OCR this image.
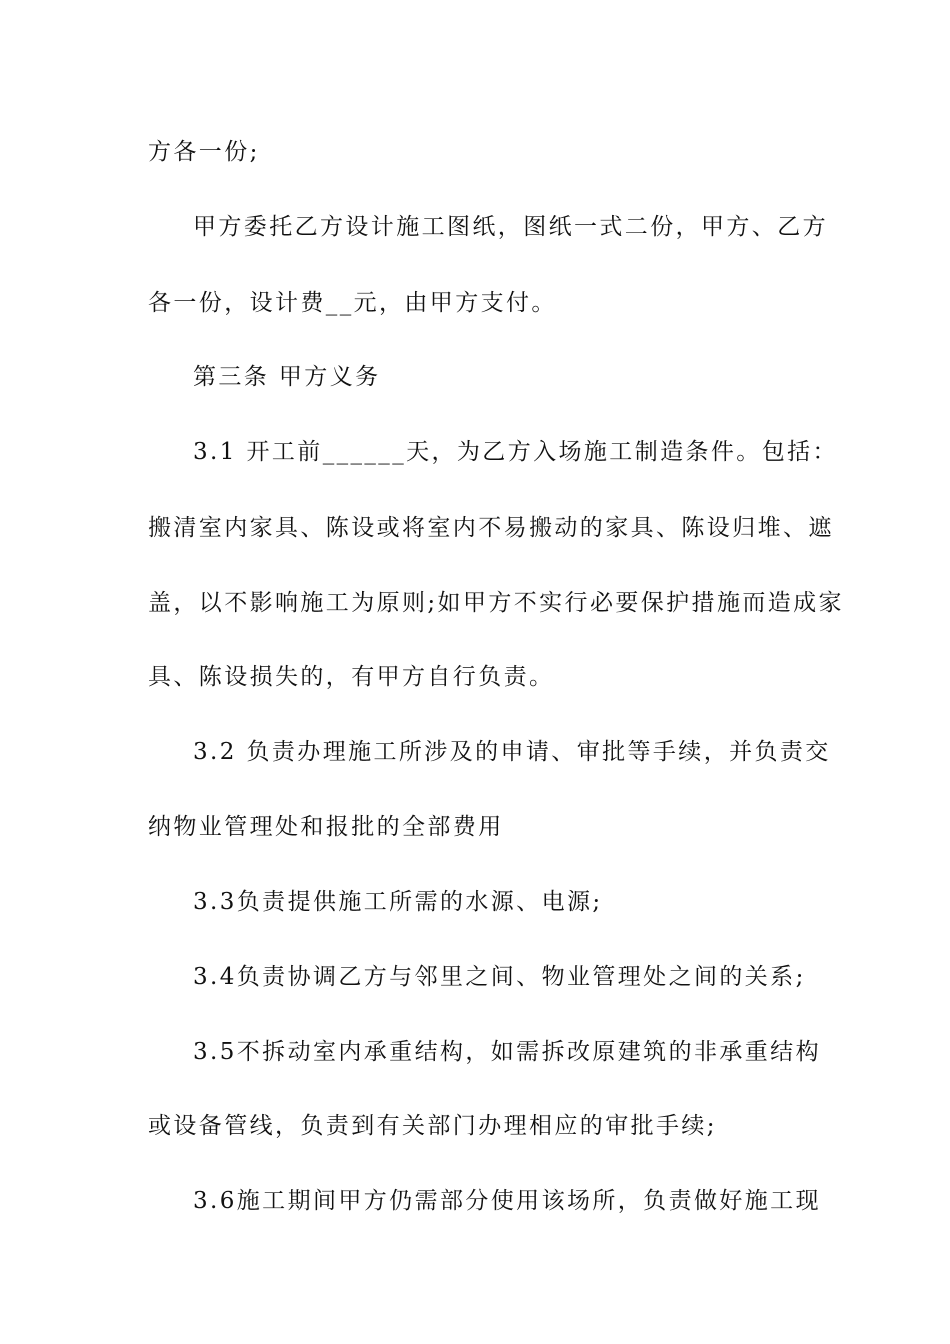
方各一份;
甲方委托乙方设计施工图纸，图纸一式二份，甲方、乙方
各一份，设计费__元，由甲方支付。
第三条 甲方义务
3.1 开工前______天，为乙方入场施工制造条件。包括：
搬清室内家具、陈设或将室内不易搬动的家具、陈设归堆、遮
盖，以不影响施工为原则;如甲方不实行必要保护措施而造成家
具、陈设损失的，有甲方自行负责。
3.2 负责办理施工所涉及的申请、审批等手续，并负责交
纳物业管理处和报批的全部费用
3.3负责提供施工所需的水源、电源;
3.4负责协调乙方与邻里之间、物业管理处之间的关系;
3.5不拆动室内承重结构，如需拆改原建筑的非承重结构
或设备管线，负责到有关部门办理相应的审批手续;
3.6施工期间甲方仍需部分使用该场所，负责做好施工现
